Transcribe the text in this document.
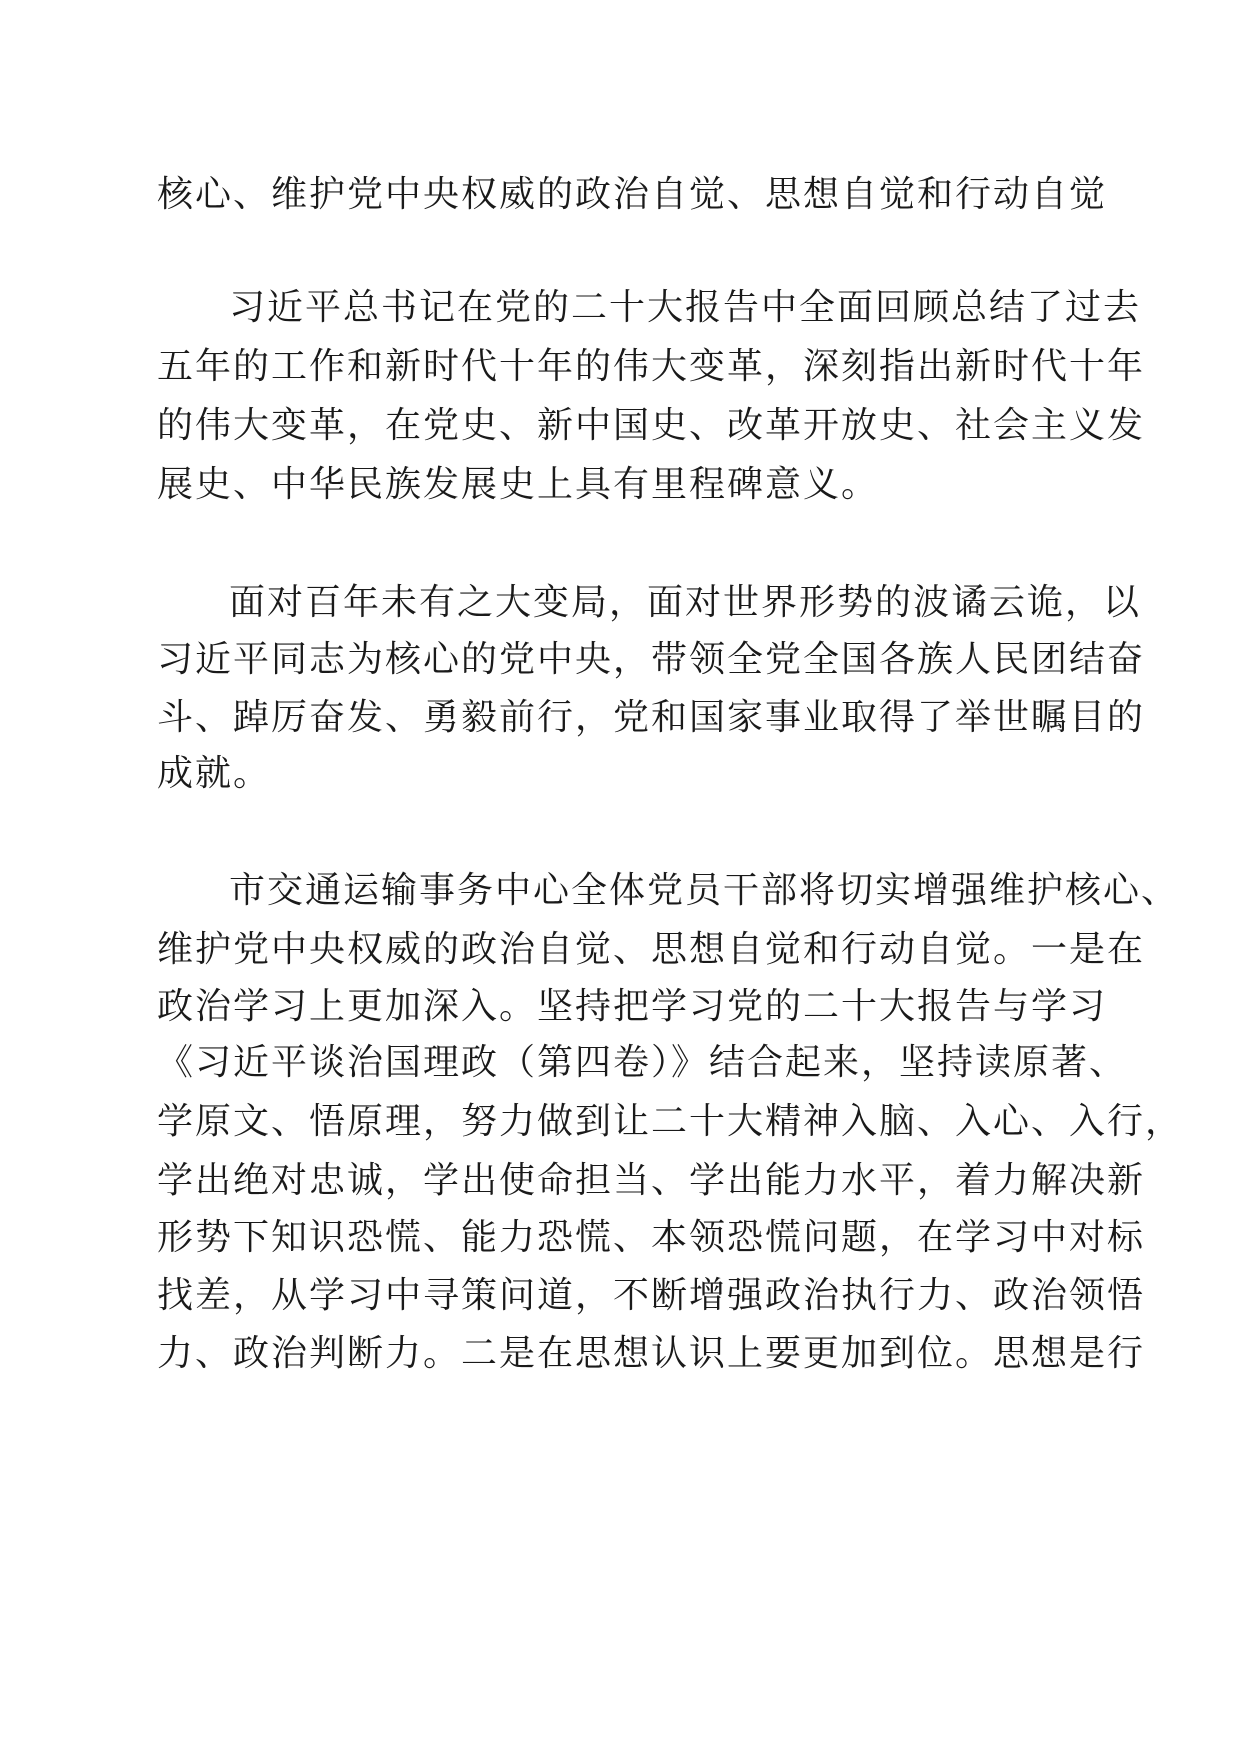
核心、维护党中央权威的政治自觉、思想自觉和行动自觉
习近平总书记在党的二十大报告中全面回顾总结了过去
五年的工作和新时代十年的伟大变革，深刻指出新时代十年
的伟大变革，在党史、新中国史、改革开放史、社会主义发
展史、中华民族发展史上具有里程碑意义。
面对百年未有之大变局，面对世界形势的波谲云诡，以
习近平同志为核心的党中央，带领全党全国各族人民团结奋
斗、踔厉奋发、勇毅前行，党和国家事业取得了举世瞩目的
成就。
市交通运输事务中心全体党员干部将切实增强维护核心、
维护党中央权威的政治自觉、思想自觉和行动自觉。一是在
政治学习上更加深入。坚持把学习党的二十大报告与学习
《习近平谈治国理政（第四卷）》结合起来，坚持读原著、
学原文、悟原理，努力做到让二十大精神入脑、入心、入行，
学出绝对忠诚，学出使命担当、学出能力水平，着力解决新
形势下知识恐慌、能力恐慌、本领恐慌问题，在学习中对标
找差，从学习中寻策问道，不断增强政治执行力、政治领悟
力、政治判断力。二是在思想认识上要更加到位。思想是行
